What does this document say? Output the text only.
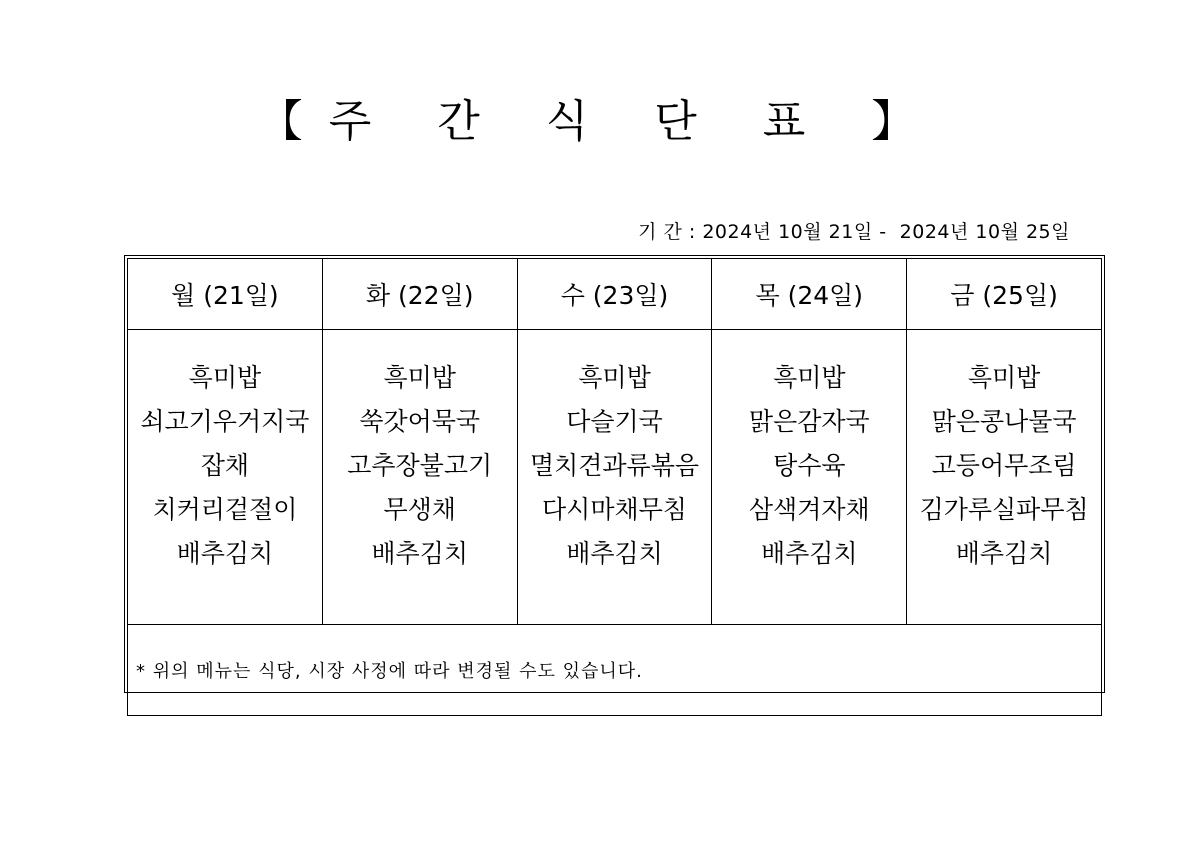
【주 간 식 단 표 】
기 간 : 2024년 10월 21일 -  2024년 10월 25일
월 (21일)	화 (22일)	수 (23일)	목 (24일)	금 (25일)

흑미밥
쇠고기우거지국
잡채
치커리겉절이
배추김치	흑미밥
쑥갓어묵국
고추장불고기
무생채
배추김치	흑미밥
다슬기국
멸치견과류볶음
다시마채무침
배추김치	흑미밥
맑은감자국
탕수육
삼색겨자채
배추김치	흑미밥
맑은콩나물국
고등어무조림
김가루실파무침
배추김치

* 위의 메뉴는 식당, 시장 사정에 따라 변경될 수도 있습니다.				
